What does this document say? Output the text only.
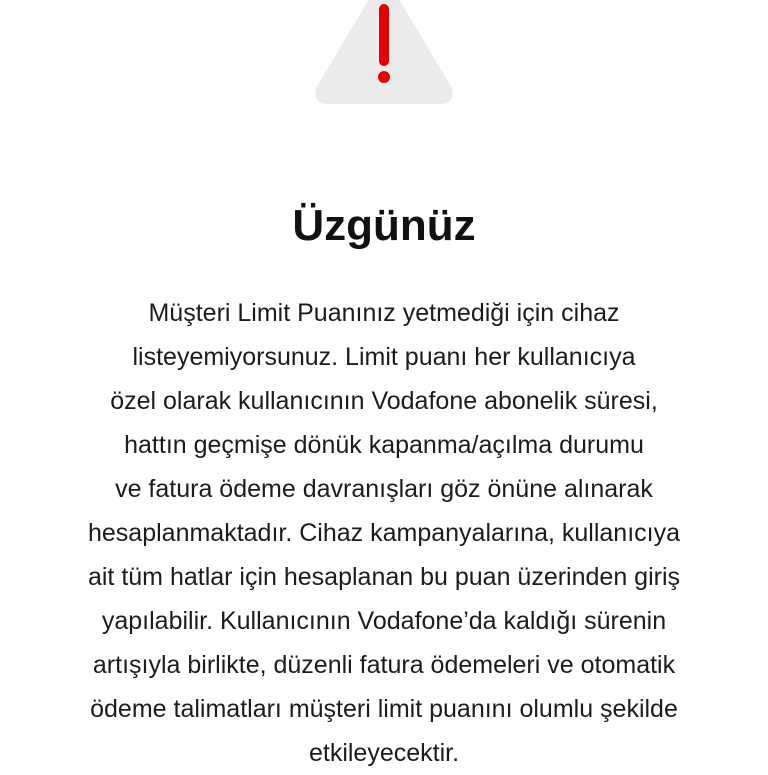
Üzgünüz
Müşteri Limit Puanınız yetmediği için cihaz
listeyemiyorsunuz. Limit puanı her kullanıcıya
özel olarak kullanıcının Vodafone abonelik süresi,
hattın geçmişe dönük kapanma/açılma durumu
ve fatura ödeme davranışları göz önüne alınarak
hesaplanmaktadır. Cihaz kampanyalarına, kullanıcıya
ait tüm hatlar için hesaplanan bu puan üzerinden giriş
yapılabilir. Kullanıcının Vodafone’da kaldığı sürenin
artışıyla birlikte, düzenli fatura ödemeleri ve otomatik
ödeme talimatları müşteri limit puanını olumlu şekilde
etkileyecektir.
